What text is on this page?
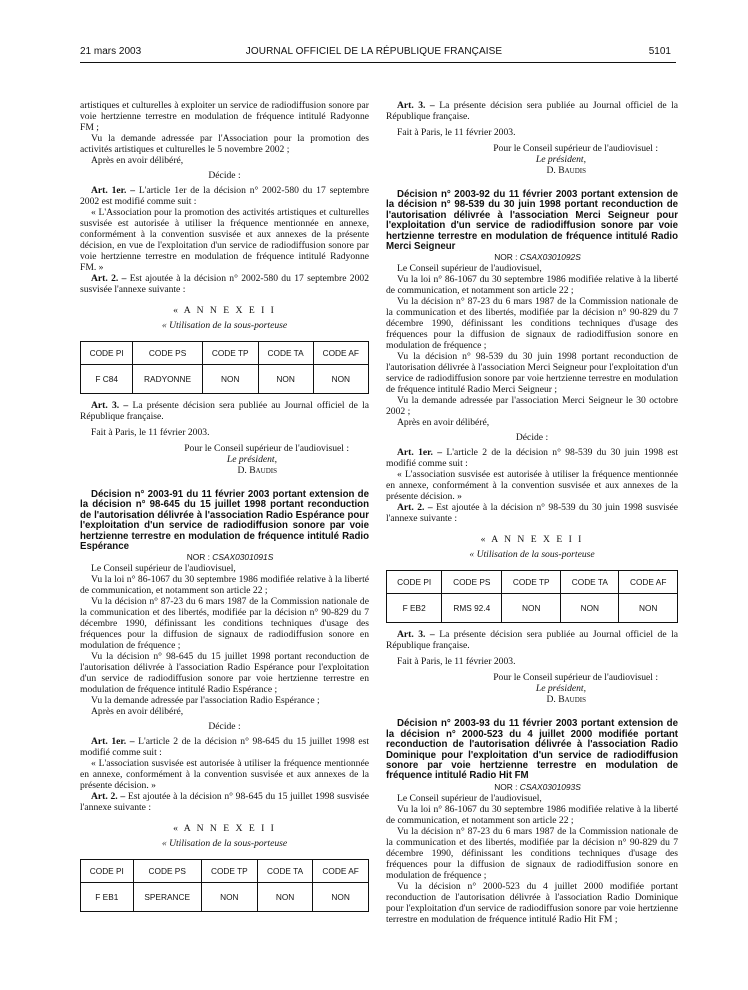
21 mars 2003	JOURNAL OFFICIEL DE LA RÉPUBLIQUE FRANÇAISE	5101

artistiques et culturelles à exploiter un service de radiodiffusion sonore par voie hertzienne terrestre en modulation de fréquence intitulé Radyonne FM ;

Vu la demande adressée par l'Association pour la promotion des activités artistiques et culturelles le 5 novembre 2002 ;

Après en avoir délibéré,

Décide :

Art. 1er. – L'article 1er de la décision n° 2002-580 du 17 septembre 2002 est modifié comme suit :

« L'Association pour la promotion des activités artistiques et culturelles susvisée est autorisée à utiliser la fréquence mentionnée en annexe, conformément à la convention susvisée et aux annexes de la présente décision, en vue de l'exploitation d'un service de radiodiffusion sonore par voie hertzienne terrestre en modulation de fréquence intitulé Radyonne FM. »

Art. 2. – Est ajoutée à la décision n° 2002-580 du 17 septembre 2002 susvisée l'annexe suivante :

« A N N E X E I I

« Utilisation de la sous-porteuse

CODE PI	CODE PS	CODE TP	CODE TA	CODE AF
F C84	RADYONNE	NON	NON	NON

Art. 3. – La présente décision sera publiée au Journal officiel de la République française.

Fait à Paris, le 11 février 2003.

Pour le Conseil supérieur de l'audiovisuel :

Le président,

D. Baudis

Décision n° 2003-91 du 11 février 2003 portant extension de la décision n° 98-645 du 15 juillet 1998 portant reconduction de l'autorisation délivrée à l'association Radio Espérance pour l'exploitation d'un service de radiodiffusion sonore par voie hertzienne terrestre en modulation de fréquence intitulé Radio Espérance

NOR : CSAX0301091S

Le Conseil supérieur de l'audiovisuel,

Vu la loi n° 86-1067 du 30 septembre 1986 modifiée relative à la liberté de communication, et notamment son article 22 ;

Vu la décision n° 87-23 du 6 mars 1987 de la Commission nationale de la communication et des libertés, modifiée par la décision n° 90-829 du 7 décembre 1990, définissant les conditions techniques d'usage des fréquences pour la diffusion de signaux de radiodiffusion sonore en modulation de fréquence ;

Vu la décision n° 98-645 du 15 juillet 1998 portant reconduction de l'autorisation délivrée à l'association Radio Espérance pour l'exploitation d'un service de radiodiffusion sonore par voie hertzienne terrestre en modulation de fréquence intitulé Radio Espérance ;

Vu la demande adressée par l'association Radio Espérance ;

Après en avoir délibéré,

Décide :

Art. 1er. – L'article 2 de la décision n° 98-645 du 15 juillet 1998 est modifié comme suit :

« L'association susvisée est autorisée à utiliser la fréquence mentionnée en annexe, conformément à la convention susvisée et aux annexes de la présente décision. »

Art. 2. – Est ajoutée à la décision n° 98-645 du 15 juillet 1998 susvisée l'annexe suivante :

« A N N E X E I I

« Utilisation de la sous-porteuse

CODE PI	CODE PS	CODE TP	CODE TA	CODE AF
F EB1	SPERANCE	NON	NON	NON

Art. 3. – La présente décision sera publiée au Journal officiel de la République française.

Fait à Paris, le 11 février 2003.

Pour le Conseil supérieur de l'audiovisuel :

Le président,

D. Baudis

Décision n° 2003-92 du 11 février 2003 portant extension de la décision n° 98-539 du 30 juin 1998 portant reconduction de l'autorisation délivrée à l'association Merci Seigneur pour l'exploitation d'un service de radiodiffusion sonore par voie hertzienne terrestre en modulation de fréquence intitulé Radio Merci Seigneur

NOR : CSAX0301092S

Le Conseil supérieur de l'audiovisuel,

Vu la loi n° 86-1067 du 30 septembre 1986 modifiée relative à la liberté de communication, et notamment son article 22 ;

Vu la décision n° 87-23 du 6 mars 1987 de la Commission nationale de la communication et des libertés, modifiée par la décision n° 90-829 du 7 décembre 1990, définissant les conditions techniques d'usage des fréquences pour la diffusion de signaux de radiodiffusion sonore en modulation de fréquence ;

Vu la décision n° 98-539 du 30 juin 1998 portant reconduction de l'autorisation délivrée à l'association Merci Seigneur pour l'exploitation d'un service de radiodiffusion sonore par voie hertzienne terrestre en modulation de fréquence intitulé Radio Merci Seigneur ;

Vu la demande adressée par l'association Merci Seigneur le 30 octobre 2002 ;

Après en avoir délibéré,

Décide :

Art. 1er. – L'article 2 de la décision n° 98-539 du 30 juin 1998 est modifié comme suit :

« L'association susvisée est autorisée à utiliser la fréquence mentionnée en annexe, conformément à la convention susvisée et aux annexes de la présente décision. »

Art. 2. – Est ajoutée à la décision n° 98-539 du 30 juin 1998 susvisée l'annexe suivante :

« A N N E X E I I

« Utilisation de la sous-porteuse

CODE PI	CODE PS	CODE TP	CODE TA	CODE AF
F EB2	RMS 92.4	NON	NON	NON

Art. 3. – La présente décision sera publiée au Journal officiel de la République française.

Fait à Paris, le 11 février 2003.

Pour le Conseil supérieur de l'audiovisuel :

Le président,

D. Baudis

Décision n° 2003-93 du 11 février 2003 portant extension de la décision n° 2000-523 du 4 juillet 2000 modifiée portant reconduction de l'autorisation délivrée à l'association Radio Dominique pour l'exploitation d'un service de radiodiffusion sonore par voie hertzienne terrestre en modulation de fréquence intitulé Radio Hit FM

NOR : CSAX0301093S

Le Conseil supérieur de l'audiovisuel,

Vu la loi n° 86-1067 du 30 septembre 1986 modifiée relative à la liberté de communication, et notamment son article 22 ;

Vu la décision n° 87-23 du 6 mars 1987 de la Commission nationale de la communication et des libertés, modifiée par la décision n° 90-829 du 7 décembre 1990, définissant les conditions techniques d'usage des fréquences pour la diffusion de signaux de radiodiffusion sonore en modulation de fréquence ;

Vu la décision n° 2000-523 du 4 juillet 2000 modifiée portant reconduction de l'autorisation délivrée à l'association Radio Dominique pour l'exploitation d'un service de radiodiffusion sonore par voie hertzienne terrestre en modulation de fréquence intitulé Radio Hit FM ;
